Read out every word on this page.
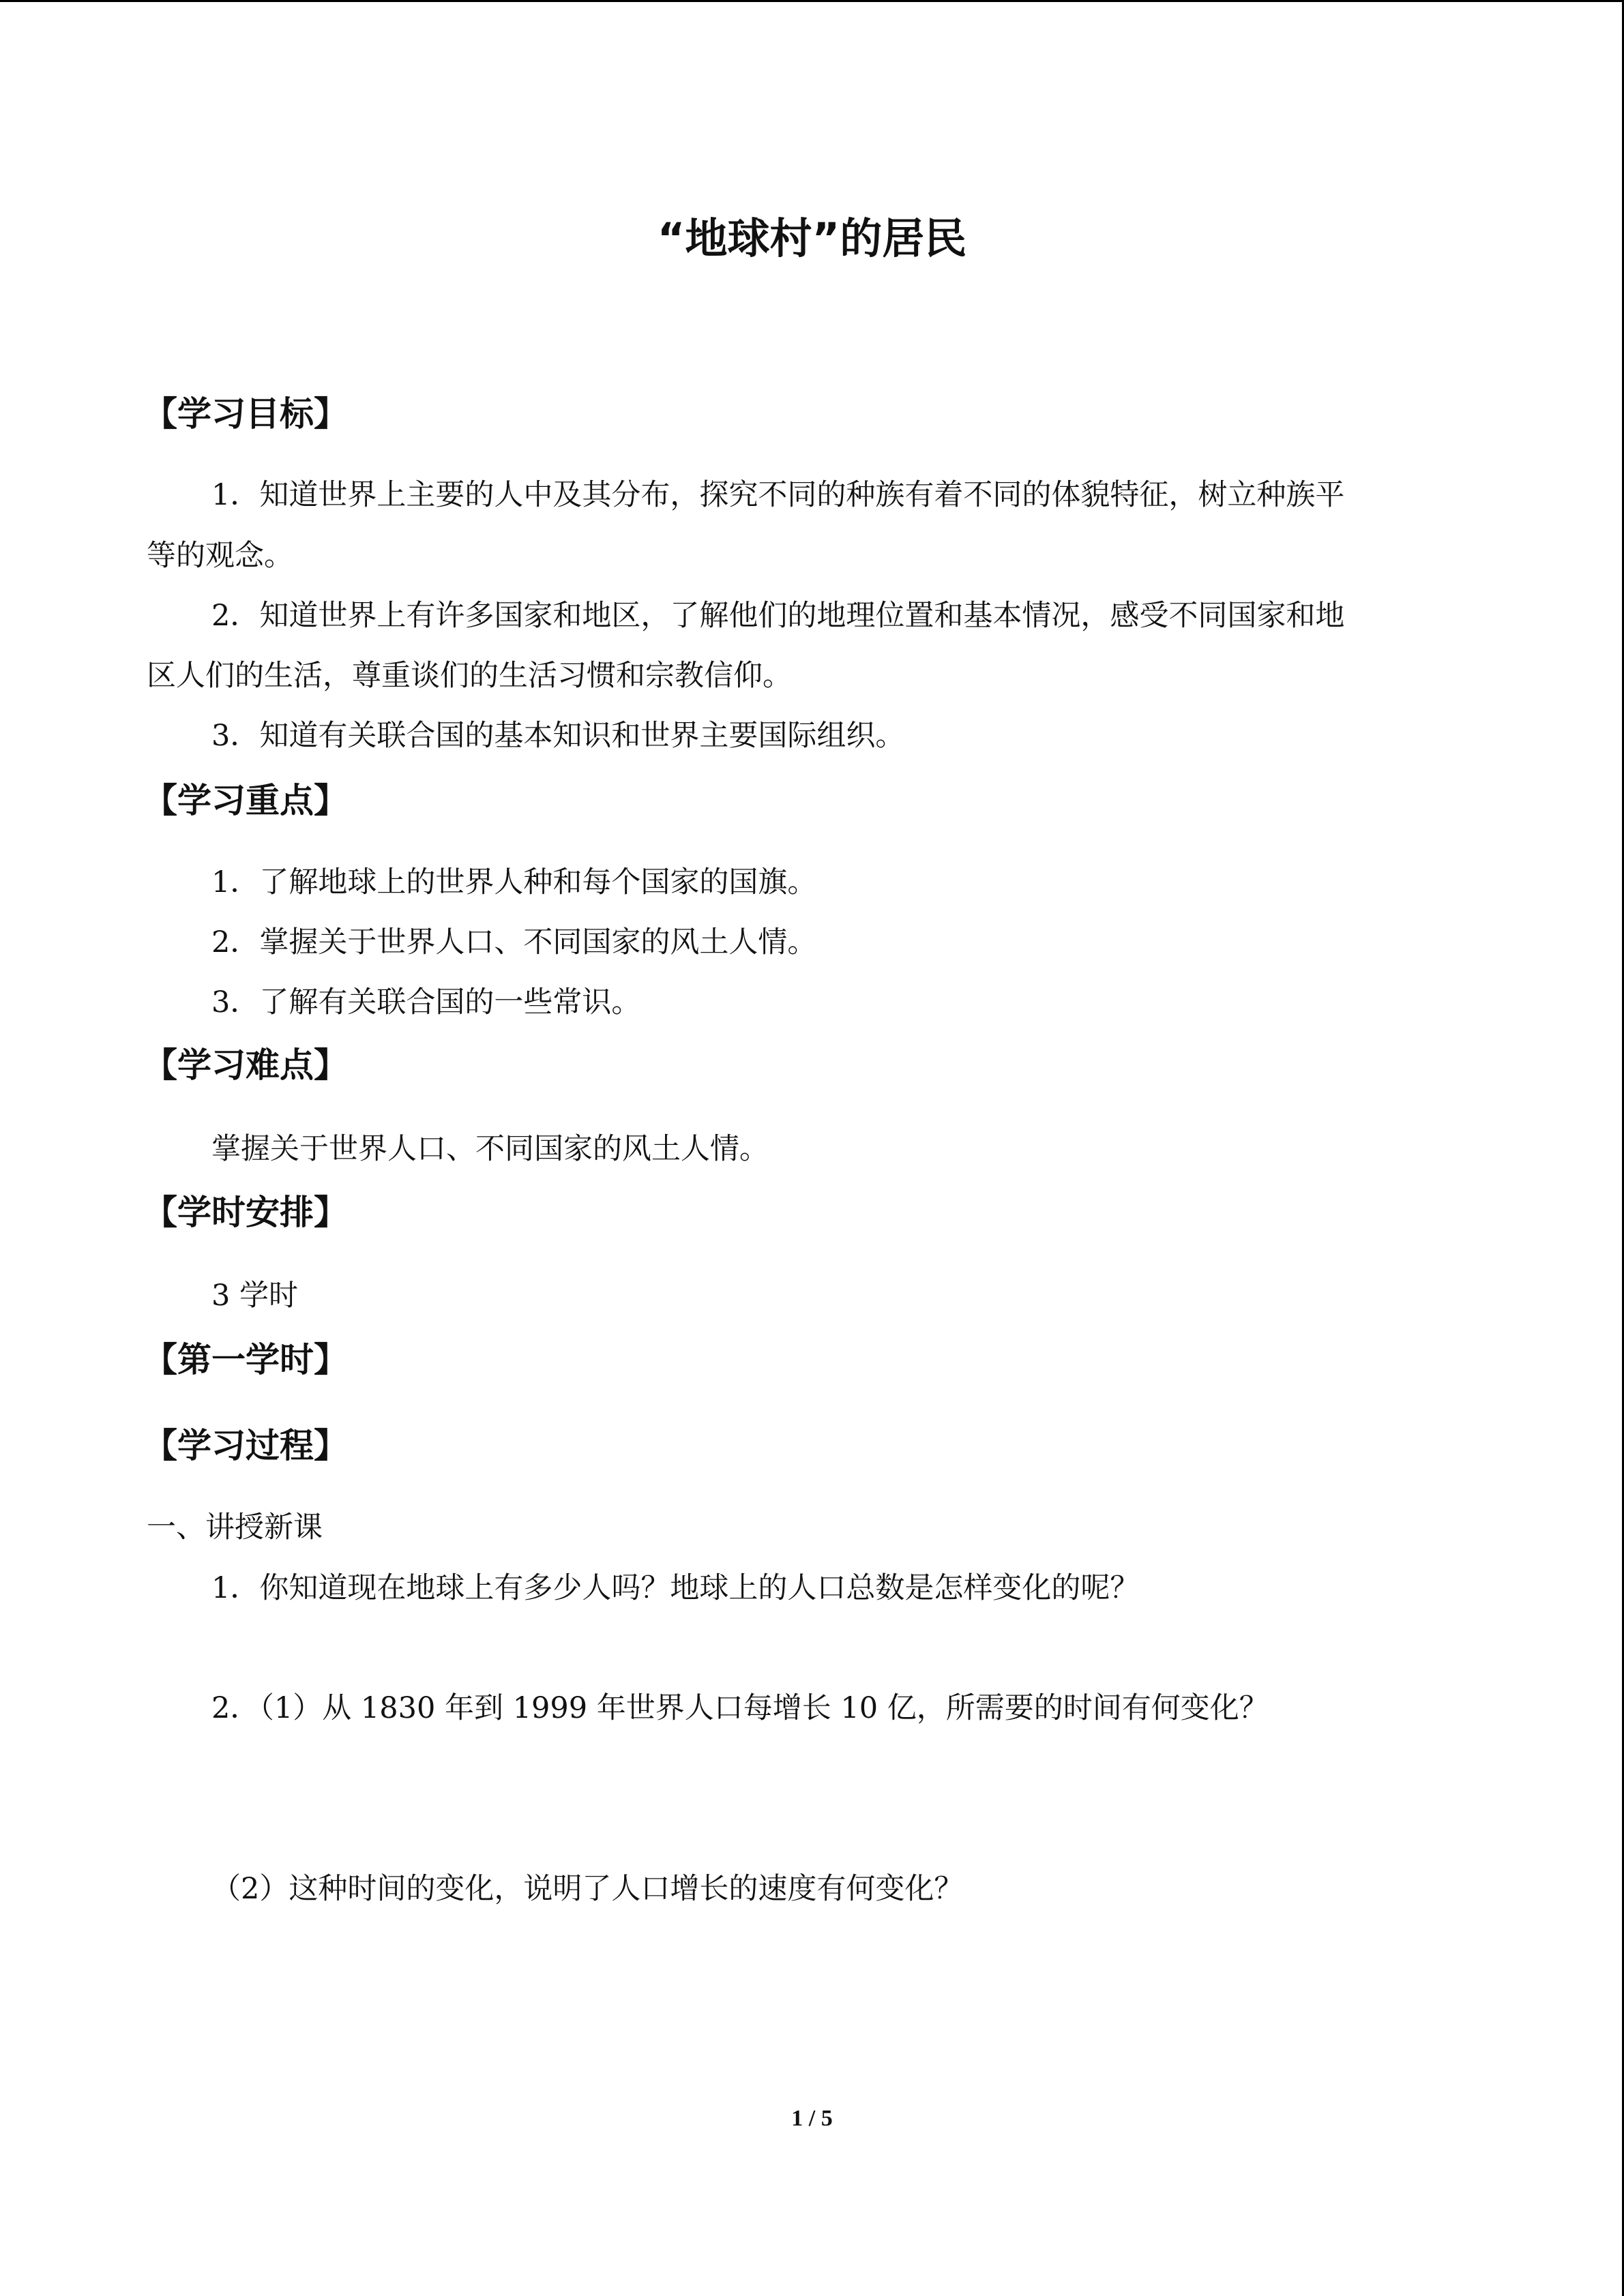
“地球村”的居民
【学习目标】
1．知道世界上主要的人中及其分布，探究不同的种族有着不同的体貌特征，树立种族平
等的观念。
2．知道世界上有许多国家和地区，了解他们的地理位置和基本情况，感受不同国家和地
区人们的生活，尊重谈们的生活习惯和宗教信仰。
3．知道有关联合国的基本知识和世界主要国际组织。
【学习重点】
1．了解地球上的世界人种和每个国家的国旗。
2．掌握关于世界人口、不同国家的风土人情。
3．了解有关联合国的一些常识。
【学习难点】
掌握关于世界人口、不同国家的风土人情。
【学时安排】
3 学时
【第一学时】
【学习过程】
一、讲授新课
1．你知道现在地球上有多少人吗？地球上的人口总数是怎样变化的呢？
2．（1）从 1830 年到 1999 年世界人口每增长 10 亿，所需要的时间有何变化？
（2）这种时间的变化，说明了人口增长的速度有何变化？
1 / 5
